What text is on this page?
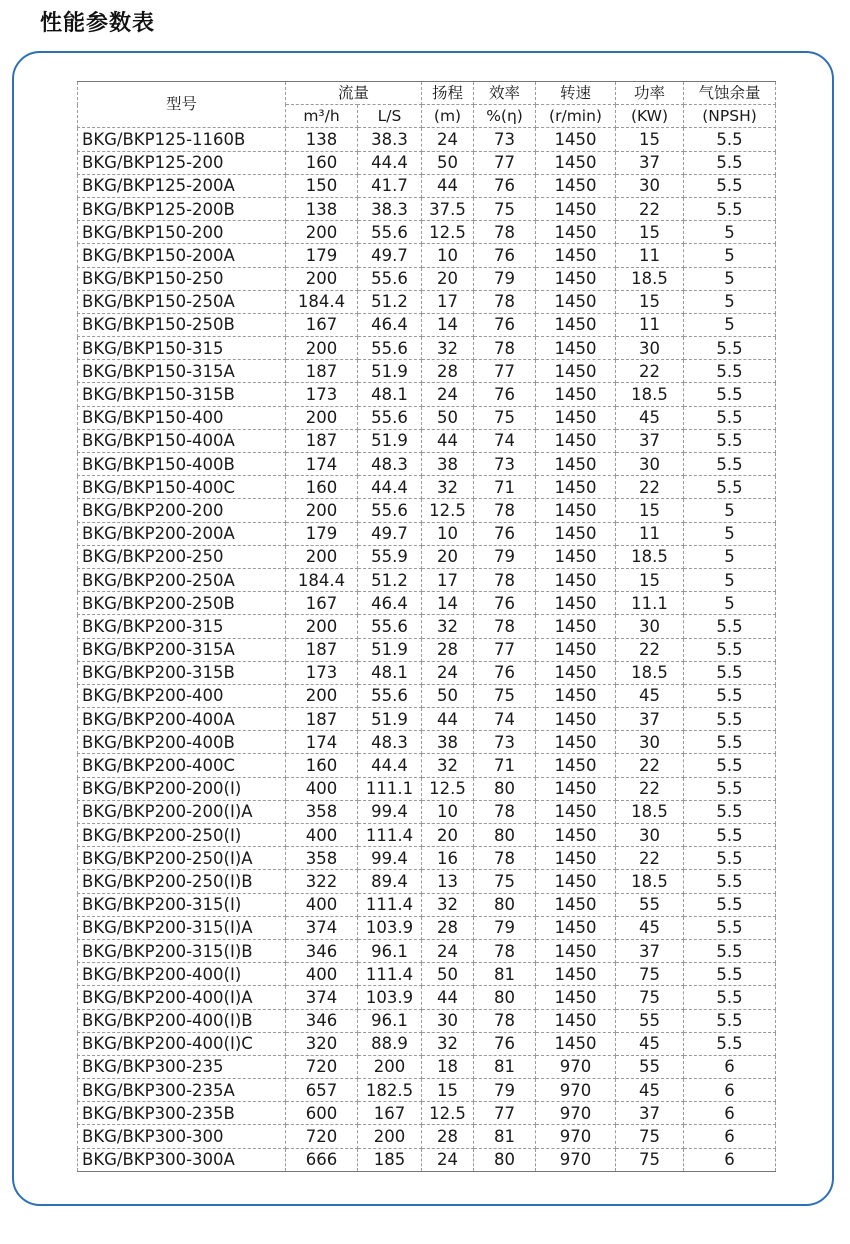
性能参数表
型号	流量		扬程	效率	转速	功率	气蚀余量
	m³/h	L/S	(m)	%(η)	(r/min)	(KW)	(NPSH)
BKG/BKP125-1160B	138	38.3	24	73	1450	15	5.5
BKG/BKP125-200	160	44.4	50	77	1450	37	5.5
BKG/BKP125-200A	150	41.7	44	76	1450	30	5.5
BKG/BKP125-200B	138	38.3	37.5	75	1450	22	5.5
BKG/BKP150-200	200	55.6	12.5	78	1450	15	5
BKG/BKP150-200A	179	49.7	10	76	1450	11	5
BKG/BKP150-250	200	55.6	20	79	1450	18.5	5
BKG/BKP150-250A	184.4	51.2	17	78	1450	15	5
BKG/BKP150-250B	167	46.4	14	76	1450	11	5
BKG/BKP150-315	200	55.6	32	78	1450	30	5.5
BKG/BKP150-315A	187	51.9	28	77	1450	22	5.5
BKG/BKP150-315B	173	48.1	24	76	1450	18.5	5.5
BKG/BKP150-400	200	55.6	50	75	1450	45	5.5
BKG/BKP150-400A	187	51.9	44	74	1450	37	5.5
BKG/BKP150-400B	174	48.3	38	73	1450	30	5.5
BKG/BKP150-400C	160	44.4	32	71	1450	22	5.5
BKG/BKP200-200	200	55.6	12.5	78	1450	15	5
BKG/BKP200-200A	179	49.7	10	76	1450	11	5
BKG/BKP200-250	200	55.9	20	79	1450	18.5	5
BKG/BKP200-250A	184.4	51.2	17	78	1450	15	5
BKG/BKP200-250B	167	46.4	14	76	1450	11.1	5
BKG/BKP200-315	200	55.6	32	78	1450	30	5.5
BKG/BKP200-315A	187	51.9	28	77	1450	22	5.5
BKG/BKP200-315B	173	48.1	24	76	1450	18.5	5.5
BKG/BKP200-400	200	55.6	50	75	1450	45	5.5
BKG/BKP200-400A	187	51.9	44	74	1450	37	5.5
BKG/BKP200-400B	174	48.3	38	73	1450	30	5.5
BKG/BKP200-400C	160	44.4	32	71	1450	22	5.5
BKG/BKP200-200(I)	400	111.1	12.5	80	1450	22	5.5
BKG/BKP200-200(I)A	358	99.4	10	78	1450	18.5	5.5
BKG/BKP200-250(I)	400	111.4	20	80	1450	30	5.5
BKG/BKP200-250(I)A	358	99.4	16	78	1450	22	5.5
BKG/BKP200-250(I)B	322	89.4	13	75	1450	18.5	5.5
BKG/BKP200-315(I)	400	111.4	32	80	1450	55	5.5
BKG/BKP200-315(I)A	374	103.9	28	79	1450	45	5.5
BKG/BKP200-315(I)B	346	96.1	24	78	1450	37	5.5
BKG/BKP200-400(I)	400	111.4	50	81	1450	75	5.5
BKG/BKP200-400(I)A	374	103.9	44	80	1450	75	5.5
BKG/BKP200-400(I)B	346	96.1	30	78	1450	55	5.5
BKG/BKP200-400(I)C	320	88.9	32	76	1450	45	5.5
BKG/BKP300-235	720	200	18	81	970	55	6
BKG/BKP300-235A	657	182.5	15	79	970	45	6
BKG/BKP300-235B	600	167	12.5	77	970	37	6
BKG/BKP300-300	720	200	28	81	970	75	6
BKG/BKP300-300A	666	185	24	80	970	75	6
